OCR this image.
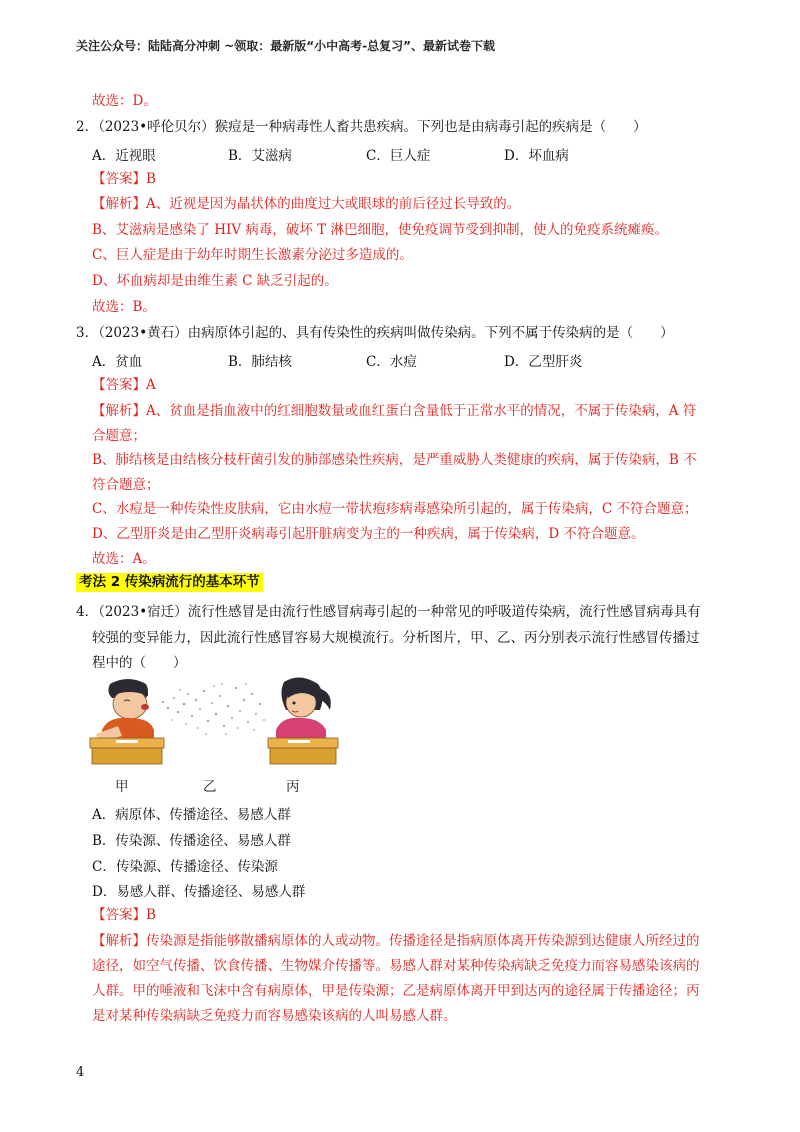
关注公众号：陆陆高分冲刺 ~领取：最新版“小中高考-总复习”、最新试卷下载
故选：D。
2．（2023•呼伦贝尔）猴痘是一种病毒性人畜共患疾病。下列也是由病毒引起的疾病是（　　）
A．近视眼	B．艾滋病	C．巨人症	D．坏血病
【答案】B
【解析】A、近视是因为晶状体的曲度过大或眼球的前后径过长导致的。
B、艾滋病是感染了 HIV 病毒，破坏 T 淋巴细胞，使免疫调节受到抑制，使人的免疫系统瘫痪。
C、巨人症是由于幼年时期生长激素分泌过多造成的。
D、坏血病却是由维生素 C 缺乏引起的。
故选：B。
3．（2023•黄石）由病原体引起的、具有传染性的疾病叫做传染病。下列不属于传染病的是（　　）
A．贫血	B．肺结核	C．水痘	D．乙型肝炎
【答案】A
【解析】A、贫血是指血液中的红细胞数量或血红蛋白含量低于正常水平的情况，不属于传染病，A 符
合题意；
B、肺结核是由结核分枝杆菌引发的肺部感染性疾病，是严重威胁人类健康的疾病，属于传染病，B 不
符合题意；
C、水痘是一种传染性皮肤病，它由水痘一带状疱疹病毒感染所引起的，属于传染病，C 不符合题意；
D、乙型肝炎是由乙型肝炎病毒引起肝脏病变为主的一种疾病，属于传染病，D 不符合题意。
故选：A。
考法 2 传染病流行的基本环节
4．（2023•宿迁）流行性感冒是由流行性感冒病毒引起的一种常见的呼吸道传染病，流行性感冒病毒具有
较强的变异能力，因此流行性感冒容易大规模流行。分析图片，甲、乙、丙分别表示流行性感冒传播过
程中的（　　）
甲	乙	丙
A．病原体、传播途径、易感人群
B．传染源、传播途径、易感人群
C．传染源、传播途径、传染源
D．易感人群、传播途径、易感人群
【答案】B
【解析】传染源是指能够散播病原体的人或动物。传播途径是指病原体离开传染源到达健康人所经过的
途径，如空气传播、饮食传播、生物媒介传播等。易感人群对某种传染病缺乏免疫力而容易感染该病的
人群。甲的唾液和飞沫中含有病原体，甲是传染源；乙是病原体离开甲到达丙的途径属于传播途径；丙
是对某种传染病缺乏免疫力而容易感染该病的人叫易感人群。
4
